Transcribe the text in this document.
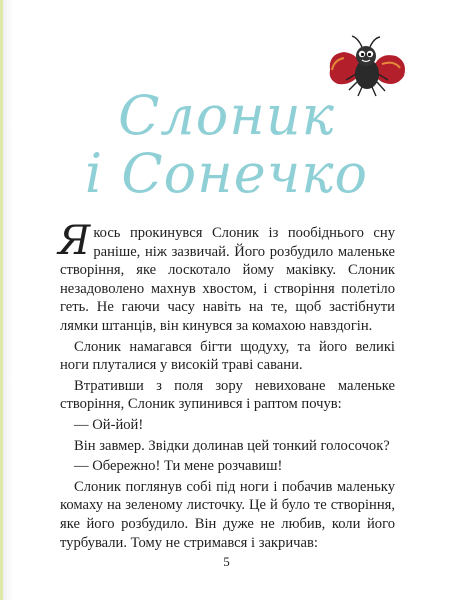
Слоник
і Сонечко

Якось прокинувся Слоник із пообіднього сну раніше, ніж зазвичай. Його розбудило маленьке створіння, яке лоскотало йому маківку. Слоник незадоволено махнув хвостом, і створіння полетіло геть. Не гаючи часу навіть на те, щоб застібнути лямки штанців, він кинувся за комахою навздогін.

Слоник намагався бігти щодуху, та його великі ноги плуталися у високій траві савани.

Втративши з поля зору невиховане маленьке створіння, Слоник зупинився і раптом почув:

— Ой-йой!

Він завмер. Звідки долинав цей тонкий голосочок?

— Обережно! Ти мене розчавиш!

Слоник поглянув собі під ноги і побачив маленьку комаху на зеленому листочку. Це й було те створіння, яке його розбудило. Він дуже не любив, коли його турбували. Тому не стримався і закричав:

5
